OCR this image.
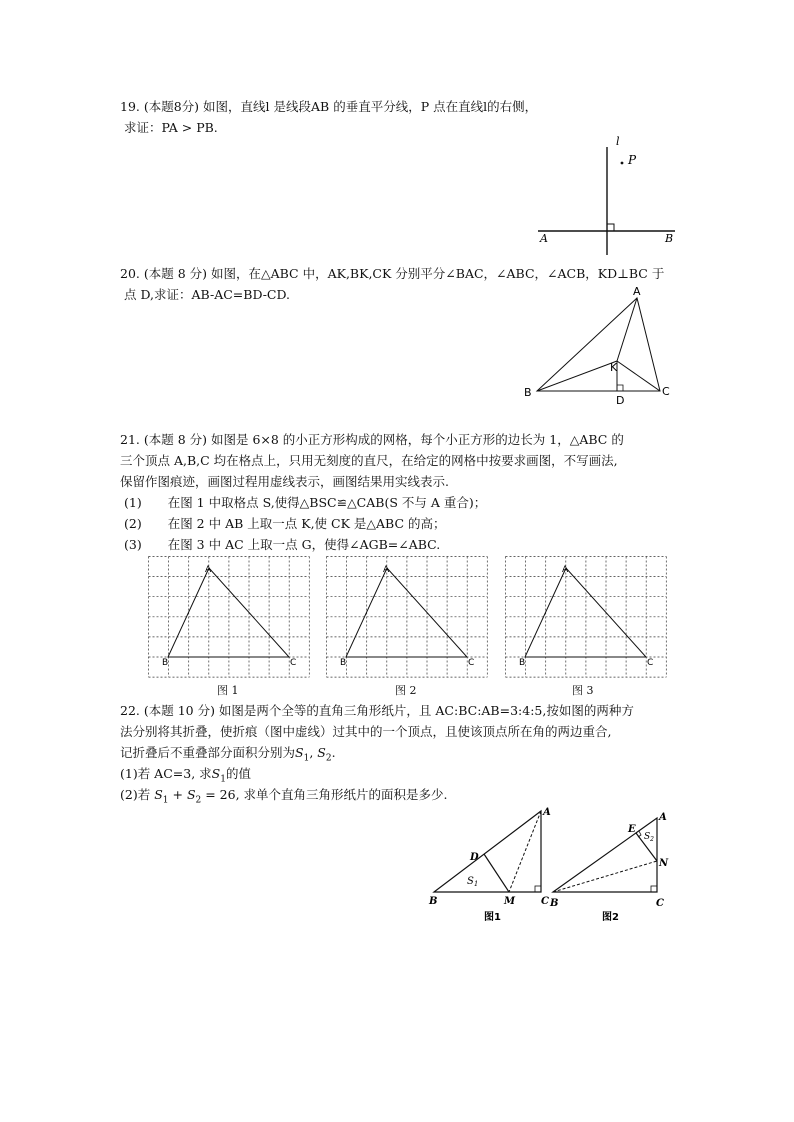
19. (本题8分) 如图，直线l 是线段AB 的垂直平分线，P 点在直线l的右侧，
求证：PA > PB.
l
P
A	B
20. (本题 8 分) 如图，在△ABC 中，AK,BK,CK 分别平分∠BAC，∠ABC，∠ACB，KD⊥BC 于
点 D,求证：AB-AC=BD-CD.	A
B	C
K
D
21. (本题 8 分) 如图是 6×8 的小正方形构成的网格，每个小正方形的边长为 1，△ABC 的
三个顶点 A,B,C 均在格点上，只用无刻度的直尺，在给定的网格中按要求画图，不写画法,
保留作图痕迹，画图过程用虚线表示，画图结果用实线表示.
(1) 在图 1 中取格点 S,使得△BSC≌△CAB(S 不与 A 重合)；
(2) 在图 2 中 AB 上取一点 K,使 CK 是△ABC 的高；
(3) 在图 3 中 AC 上取一点 G，使得∠AGB=∠ABC.
A
B	C
A
B	C
A
B	C
图 1	图 2	图 3
22. (本题 10 分) 如图是两个全等的直角三角形纸片，且 AC:BC:AB=3:4:5,按如图的两种方
法分别将其折叠，使折痕（图中虚线）过其中的一个顶点，且使该顶点所在角的两边重合,
记折叠后不重叠部分面积分别为$S_1$, $S_2$.
(1)若 AC=3, 求$S_1$的值
(2)若 $S_1 + S_2 = 26$, 求单个直角三角形纸片的面积是多少.
A
B	C
D
M
$S_1$
图1
A
B	C
E
N
$S_2$
图2
